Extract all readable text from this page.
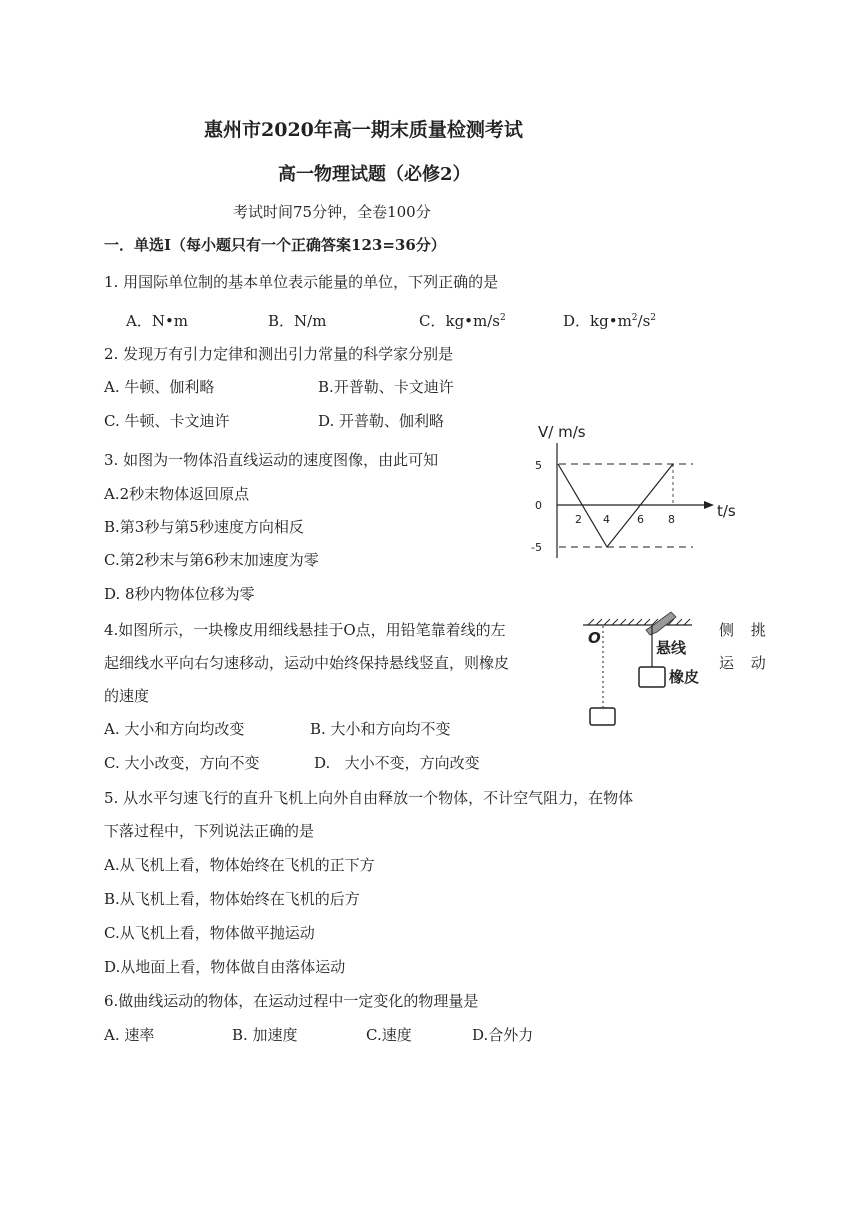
惠州市2020年高一期末质量检测考试
高一物理试题（必修2）
考试时间75分钟，全卷100分
一．单选Ⅰ（每小题只有一个正确答案123=36分）
1. 用国际单位制的基本单位表示能量的单位，下列正确的是
A．N•m	B．N/m	C．$kg•m/s^2$	D．$kg•m^2/s^2$
2. 发现万有引力定律和测出引力常量的科学家分别是
A. 牛顿、伽利略	B.开普勒、卡文迪许
C. 牛顿、卡文迪许	D. 开普勒、伽利略
3. 如图为一物体沿直线运动的速度图像，由此可知
A.2秒末物体返回原点
B.第3秒与第5秒速度方向相反
C.第2秒末与第6秒末加速度为零
D. 8秒内物体位移为零
V/ m/s
t/s
5
0
-5
2 4 6 8
4.如图所示，一块橡皮用细线悬挂于O点，用铅笔靠着线的左	侧 挑
起细线水平向右匀速移动，运动中始终保持悬线竖直，则橡皮	运 动
的速度
O
悬线
橡皮
A. 大小和方向均改变	B. 大小和方向均不变
C. 大小改变，方向不变	D.   大小不变，方向改变
5. 从水平匀速飞行的直升飞机上向外自由释放一个物体，不计空气阻力，在物体
下落过程中，下列说法正确的是
A.从飞机上看，物体始终在飞机的正下方
B.从飞机上看，物体始终在飞机的后方
C.从飞机上看，物体做平抛运动
D.从地面上看，物体做自由落体运动
6.做曲线运动的物体，在运动过程中一定变化的物理量是
A. 速率	B. 加速度	C.速度	D.合外力
